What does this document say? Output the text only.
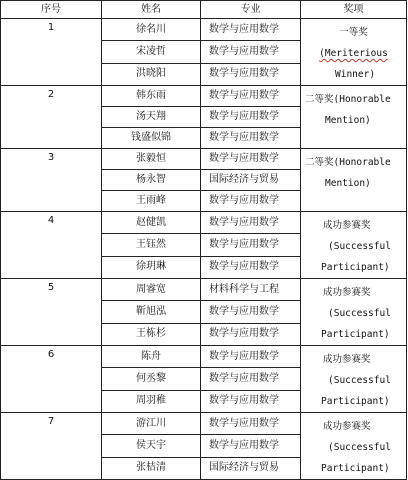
序号	姓名	专业	奖项
1	徐名川	数学与应用数学	一等奖
(Meriterious
Winner)

	宋凌哲	数学与应用数学	
	洪晓阳	数学与应用数学	
2	韩东雨	数学与应用数学	二等奖(Honorable
Mention)

	汤天翔	数学与应用数学	
	钱盛似锦	数学与应用数学	
3	张毅恒	数学与应用数学	二等奖(Honorable
Mention)

	杨永智	国际经济与贸易	
	王雨峰	数学与应用数学	
4	赵健凯	数学与应用数学	成功参赛奖
(Successful
Participant)

	王钰然	数学与应用数学	
	徐玥琳	数学与应用数学	
5	周睿宽	材料科学与工程	成功参赛奖
(Successful
Participant)

	靳旭泓	数学与应用数学	
	王栋杉	数学与应用数学	
6	陈舟	数学与应用数学	成功参赛奖
(Successful
Participant)

	何丞黎	数学与应用数学	
	周羽稚	数学与应用数学	
7	游江川	数学与应用数学	成功参赛奖
(Successful
Participant)

	侯天宇	数学与应用数学	
	张桔清	国际经济与贸易	
